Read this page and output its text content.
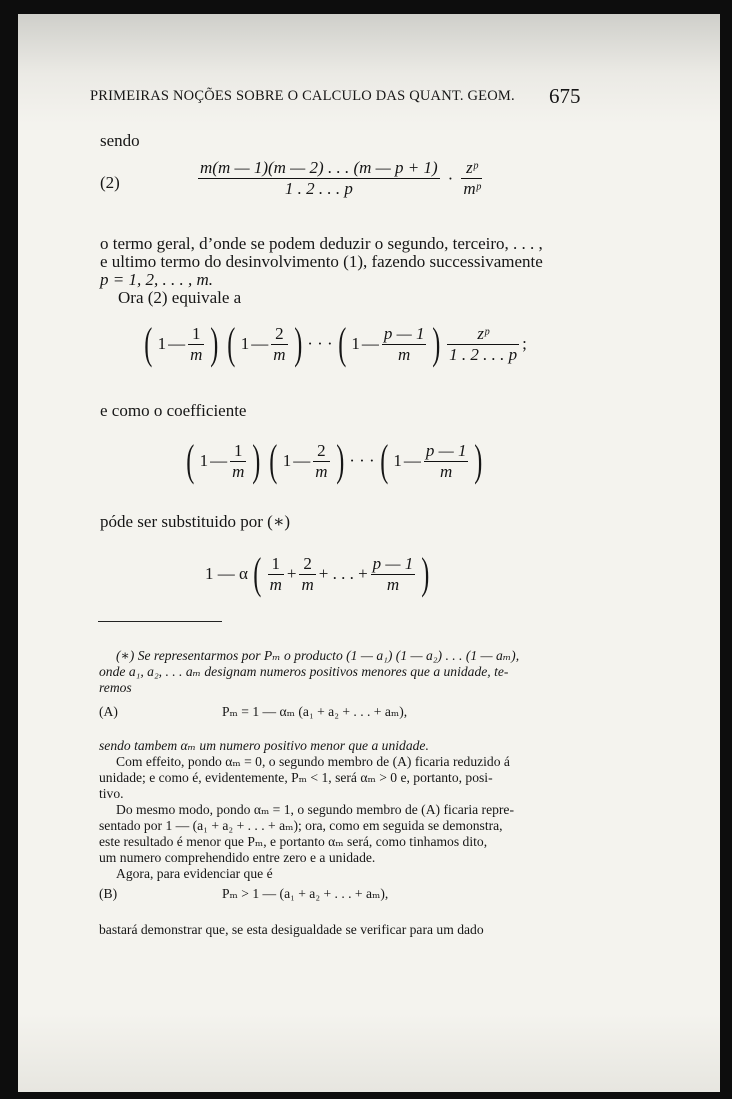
PRIMEIRAS NOÇÕES SOBRE O CALCULO DAS QUANT. GEOM. 675
sendo
(2)	$\frac{m(m — 1)(m — 2) . . . (m — p + 1)}{1 . 2 . . . p} \cdot \frac{\text{zᵖ}}{\text{mᵖ}}$
o termo geral, d’onde se podem deduzir o segundo, terceiro, . . . ,
e ultimo termo do desinvolvimento (1), fazendo successivamente
p = 1, 2, . . . , m.
Ora (2) equivale a
( 1 — $\frac{1}{m}$ ) ( 1 — $\frac{2}{m}$ ) · · · ( 1 — $\frac{p — 1}{m}$ ) $\frac{\text{zᵖ}}{1 . 2 . . . p}$ ;
e como o coefficiente
( 1 — $\frac{1}{m}$ ) ( 1 — $\frac{2}{m}$ ) · · · ( 1 — $\frac{p — 1}{m}$ )
póde ser substituido por (∗)
1 — α ( $\frac{1}{m} + \frac{2}{m}$ + . . . + $\frac{p — 1}{m}$ )
(∗) Se representarmos por Pₘ o producto (1 — a₁) (1 — a₂) . . . (1 — aₘ),
onde a₁, a₂, . . . aₘ designam numeros positivos menores que a unidade, te-
remos
(A)	Pₘ = 1 — αₘ (a₁ + a₂ + . . . + aₘ),
sendo tambem αₘ um numero positivo menor que a unidade.
Com effeito, pondo αₘ = 0, o segundo membro de (A) ficaria reduzido á
unidade; e como é, evidentemente, Pₘ < 1, será αₘ > 0 e, portanto, posi-
tivo.
Do mesmo modo, pondo αₘ = 1, o segundo membro de (A) ficaria repre-
sentado por 1 — (a₁ + a₂ + . . . + aₘ); ora, como em seguida se demonstra,
este resultado é menor que Pₘ, e portanto αₘ será, como tinhamos dito,
um numero comprehendido entre zero e a unidade.
Agora, para evidenciar que é
(B)	Pₘ > 1 — (a₁ + a₂ + . . . + aₘ),
bastará demonstrar que, se esta desigualdade se verificar para um dado
